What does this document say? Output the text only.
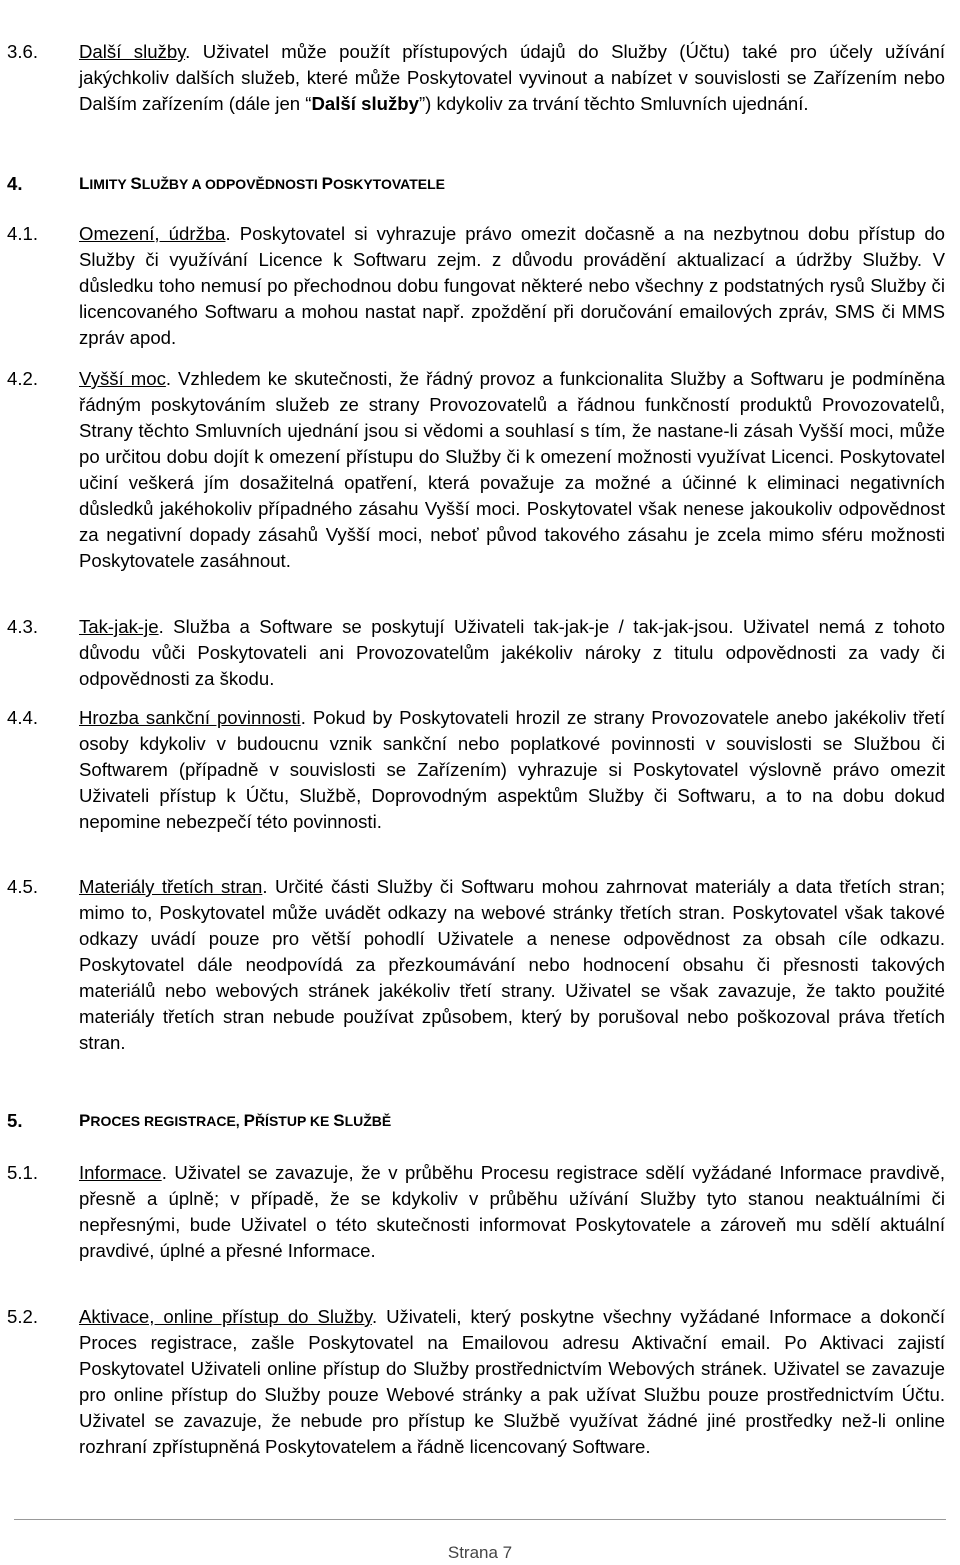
3.6. Další služby. Uživatel může použít přístupových údajů do Služby (Účtu) také pro účely užívání jakýchkoliv dalších služeb, které může Poskytovatel vyvinout a nabízet v souvislosti se Zařízením nebo Dalším zařízením (dále jen “Další služby”) kdykoliv za trvání těchto Smluvních ujednání.
4.	LIMITY SLUŽBY A ODPOVĚDNOSTI POSKYTOVATELE
4.1. Omezení, údržba. Poskytovatel si vyhrazuje právo omezit dočasně a na nezbytnou dobu přístup do Služby či využívání Licence k Softwaru zejm. z důvodu provádění aktualizací a údržby Služby. V důsledku toho nemusí po přechodnou dobu fungovat některé nebo všechny z podstatných rysů Služby či licencovaného Softwaru a mohou nastat např. zpoždění při doručování emailových zpráv, SMS či MMS zpráv apod.
4.2. Vyšší moc. Vzhledem ke skutečnosti, že řádný provoz a funkcionalita Služby a Softwaru je podmíněna řádným poskytováním služeb ze strany Provozovatelů a řádnou funkčností produktů Provozovatelů, Strany těchto Smluvních ujednání jsou si vědomi a souhlasí s tím, že nastane-li zásah Vyšší moci, může po určitou dobu dojít k omezení přístupu do Služby či k omezení možnosti využívat Licenci. Poskytovatel učiní veškerá jím dosažitelná opatření, která považuje za možné a účinné k eliminaci negativních důsledků jakéhokoliv případného zásahu Vyšší moci. Poskytovatel však nenese jakoukoliv odpovědnost za negativní dopady zásahů Vyšší moci, neboť původ takového zásahu je zcela mimo sféru možnosti Poskytovatele zasáhnout.
4.3. Tak-jak-je. Služba a Software se poskytují Uživateli tak-jak-je / tak-jak-jsou. Uživatel nemá z tohoto důvodu vůči Poskytovateli ani Provozovatelům jakékoliv nároky z titulu odpovědnosti za vady či odpovědnosti za škodu.
4.4. Hrozba sankční povinnosti. Pokud by Poskytovateli hrozil ze strany Provozovatele anebo jakékoliv třetí osoby kdykoliv v budoucnu vznik sankční nebo poplatkové povinnosti v souvislosti se Službou či Softwarem (případně v souvislosti se Zařízením) vyhrazuje si Poskytovatel výslovně právo omezit Uživateli přístup k Účtu, Službě, Doprovodným aspektům Služby či Softwaru, a to na dobu dokud nepomine nebezpečí této povinnosti.
4.5. Materiály třetích stran. Určité části Služby či Softwaru mohou zahrnovat materiály a data třetích stran; mimo to, Poskytovatel může uvádět odkazy na webové stránky třetích stran. Poskytovatel však takové odkazy uvádí pouze pro větší pohodlí Uživatele a nenese odpovědnost za obsah cíle odkazu. Poskytovatel dále neodpovídá za přezkoumávání nebo hodnocení obsahu či přesnosti takových materiálů nebo webových stránek jakékoliv třetí strany. Uživatel se však zavazuje, že takto použité materiály třetích stran nebude používat způsobem, který by porušoval nebo poškozoval práva třetích stran.
5.	PROCES REGISTRACE, PŘÍSTUP KE SLUŽBĚ
5.1. Informace. Uživatel se zavazuje, že v průběhu Procesu registrace sdělí vyžádané Informace pravdivě, přesně a úplně; v případě, že se kdykoliv v průběhu užívání Služby tyto stanou neaktuálními či nepřesnými, bude Uživatel o této skutečnosti informovat Poskytovatele a zároveň mu sdělí aktuální pravdivé, úplné a přesné Informace.
5.2. Aktivace, online přístup do Služby. Uživateli, který poskytne všechny vyžádané Informace a dokončí Proces registrace, zašle Poskytovatel na Emailovou adresu Aktivační email. Po Aktivaci zajistí Poskytovatel Uživateli online přístup do Služby prostřednictvím Webových stránek. Uživatel se zavazuje pro online přístup do Služby pouze Webové stránky a pak užívat Službu pouze prostřednictvím Účtu. Uživatel se zavazuje, že nebude pro přístup ke Službě využívat žádné jiné prostředky než-li online rozhraní zpřístupněná Poskytovatelem a řádně licencovaný Software.
Strana 7
